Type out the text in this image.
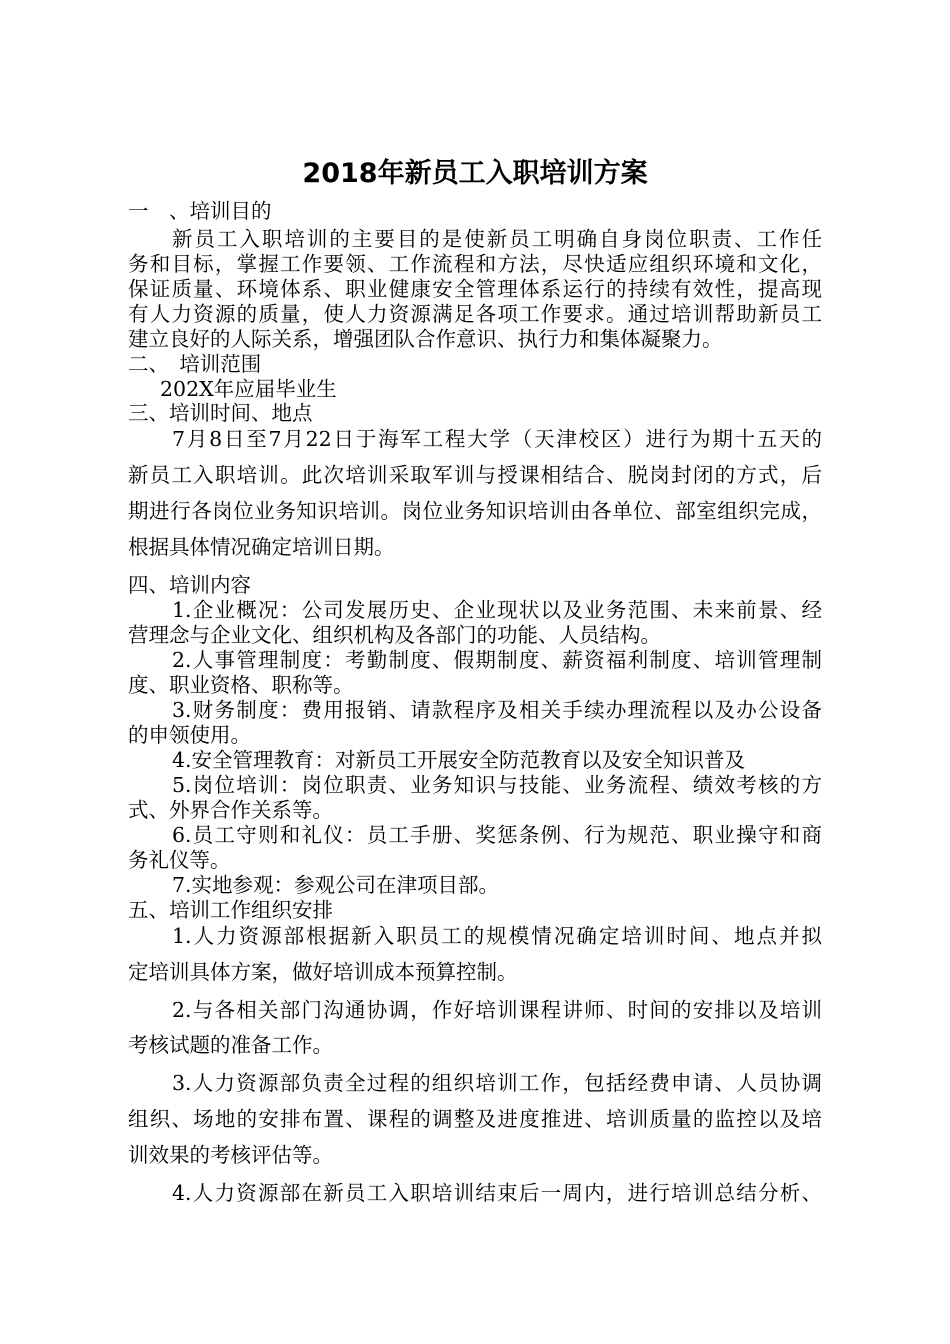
2018年新员工入职培训方案
一　、培训目的
新员工入职培训的主要目的是使新员工明确自身岗位职责、工作任
务和目标，掌握工作要领、工作流程和方法，尽快适应组织环境和文化，
保证质量、环境体系、职业健康安全管理体系运行的持续有效性，提高现
有人力资源的质量，使人力资源满足各项工作要求。通过培训帮助新员工
建立良好的人际关系，增强团队合作意识、执行力和集体凝聚力。
二、　培训范围
202X年应届毕业生
三、培训时间、地点
7月8日至7月22日于海军工程大学（天津校区）进行为期十五天的
新员工入职培训。此次培训采取军训与授课相结合、脱岗封闭的方式，后
期进行各岗位业务知识培训。岗位业务知识培训由各单位、部室组织完成，
根据具体情况确定培训日期。
四、培训内容
1.企业概况：公司发展历史、企业现状以及业务范围、未来前景、经
营理念与企业文化、组织机构及各部门的功能、人员结构。
2.人事管理制度：考勤制度、假期制度、薪资福利制度、培训管理制
度、职业资格、职称等。
3.财务制度：费用报销、请款程序及相关手续办理流程以及办公设备
的申领使用。
4.安全管理教育：对新员工开展安全防范教育以及安全知识普及
5.岗位培训：岗位职责、业务知识与技能、业务流程、绩效考核的方
式、外界合作关系等。
6.员工守则和礼仪：员工手册、奖惩条例、行为规范、职业操守和商
务礼仪等。
7.实地参观：参观公司在津项目部。
五、培训工作组织安排
1.人力资源部根据新入职员工的规模情况确定培训时间、地点并拟
定培训具体方案，做好培训成本预算控制。
2.与各相关部门沟通协调，作好培训课程讲师、时间的安排以及培训
考核试题的准备工作。
3.人力资源部负责全过程的组织培训工作，包括经费申请、人员协调
组织、场地的安排布置、课程的调整及进度推进、培训质量的监控以及培
训效果的考核评估等。
4.人力资源部在新员工入职培训结束后一周内，进行培训总结分析、
